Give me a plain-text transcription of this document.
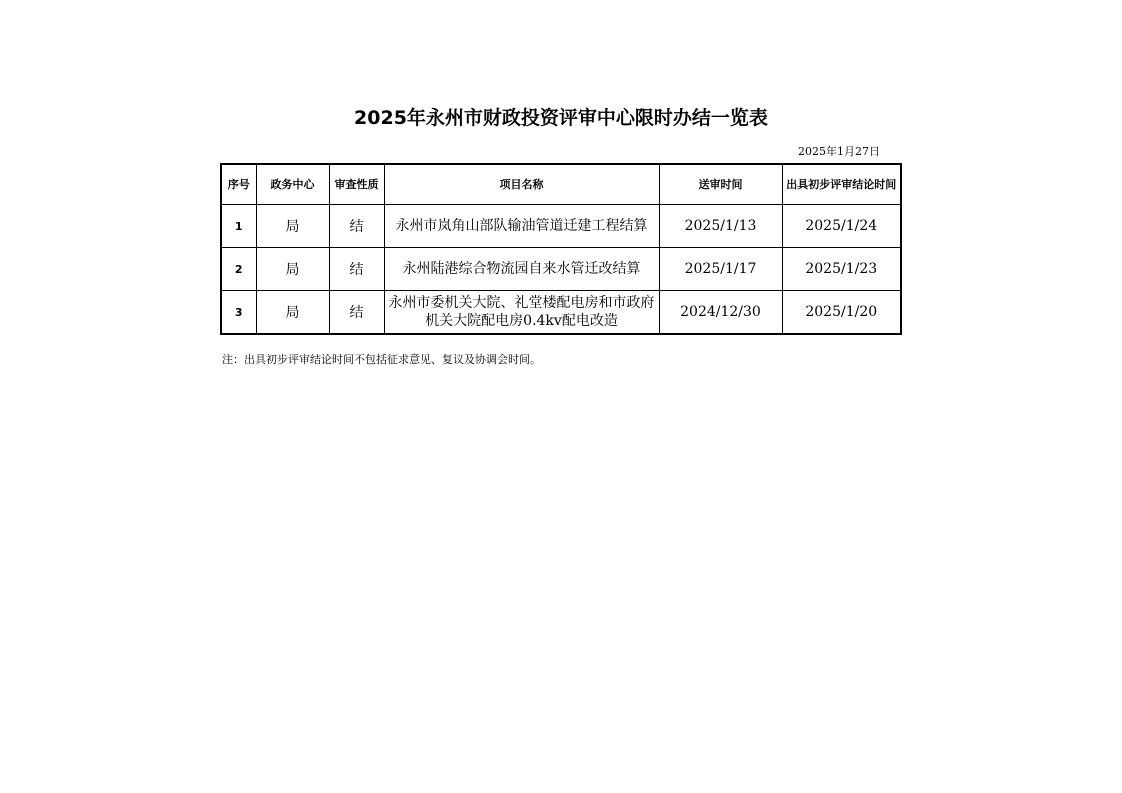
2025年永州市财政投资评审中心限时办结一览表
2025年1月27日
序号	政务中心	审查性质	项目名称	送审时间	出具初步评审结论时间
1	局	结	永州市岚角山部队输油管道迁建工程结算	2025/1/13	2025/1/24
2	局	结	永州陆港综合物流园自来水管迁改结算	2025/1/17	2025/1/23
3	局	结	永州市委机关大院、礼堂楼配电房和市政府机关大院配电房0.4kv配电改造	2024/12/30	2025/1/20
注：出具初步评审结论时间不包括征求意见、复议及协调会时间。
